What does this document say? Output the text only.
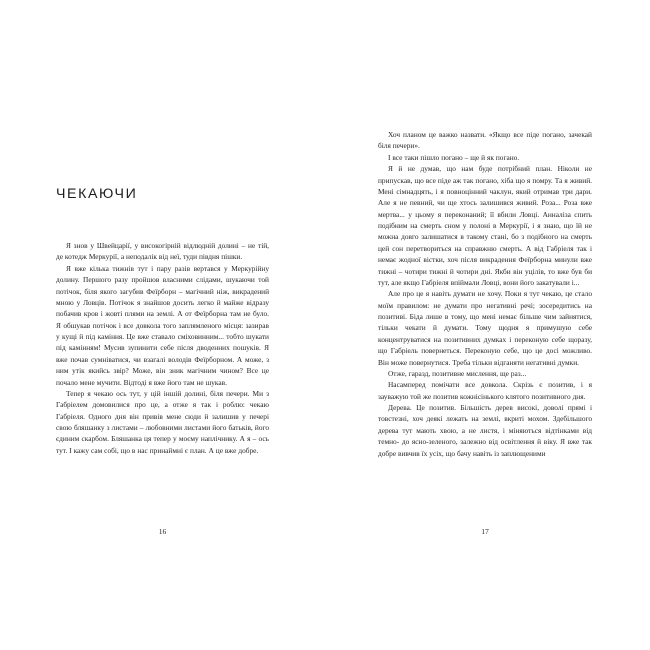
ЧЕКАЮЧИ

Я знов у Швейцарії, у високогірній відлюдній долині – не тій, де котедж Меркурії, а неподалік від неї, туди півдня пішки.

Я вже кілька тижнів тут і пару разів вертався у Меркурійну долину. Першого разу пройшов власними слідами, шукаючи той потічок, біля якого загубив Феїрборн – магічний ніж, викрадений мною у Ловців. Потічок я знайшов досить легко й майже відразу побачив кров і жовті плями на землі. А от Феїрборна там не було. Я обшукав потічок і все довкола того заплямленого місця: зазирав у кущі й під каміння. Це вже ставало сміховинним... тобто шукати під камінням! Мусив зупинити себе після дводенних пошуків. Я вже почав сумніватися, чи взагалі володів Феїрборном. А може, з ним утік якийсь звір? Може, він зник магічним чином? Все це почало мене мучити. Відтоді я вже його там не шукав.

Тепер я чекаю ось тут, у цій іншій долині, біля печери. Ми з Габріелем домовилися про це, а отже я так і роблю: чекаю Габріеля. Одного дня він привів мене сюди й залишив у печері свою бляшанку з листами – любовними листами його батьків, його єдиним скарбом. Бляшанка ця тепер у моєму наплічнику. А я – ось тут. І кажу сам собі, що в нас принаймні є план. А це вже добре.

16

Хоч планом це важко назвати. «Якщо все піде погано, зачекай біля печери».

І все таки пішло погано – ще й як погано.

Я й не думав, що нам буде потрібний план. Ніколи не припускав, що все піде аж так погано, хіба що я помру. Та я живий. Мені сімнадцять, і я повноцінний чаклун, який отримав три дари. Але я не певний, чи ще хтось залишився живий. Роза... Роза вже мертва... у цьому я переконаний; її вбили Ловці. Анналіза спить подібним на смерть сном у полоні в Меркурії, і я знаю, що їй не можна довго залишатися в такому стані, бо з подібного на смерть цей сон перетвориться на справжню смерть. А від Габріеля так і немає жодної вістки, хоч після викрадення Феїрборна минули вже тижні – чотири тижні й чотири дні. Якби він уцілів, то вже був би тут, але якщо Габріеля впіймали Ловці, вони його закатували і...

Але про це я навіть думати не хочу. Поки я тут чекаю, це стало моїм правилом: не думати про негативні речі; зосередитись на позитиві. Біда лише в тому, що мені немає більше чим зайнятися, тільки чекати й думати. Тому щодня я примушую себе концентруватися на позитивних думках і переконую себе щоразу, що Габріель повернеться. Переконую себе, що це досі можливо. Він може повернутися. Треба тільки відганяти негативні думки.

Отже, гаразд, позитивне мислення, ще раз...

Насамперед помічати все довкола. Скрізь є позитив, і я зауважую той же позитив кожнісінького клятого позитивного дня.

Дерева. Це позитив. Більшість дерев високі, доволі прямі і товстезні, хоч деякі лежать на землі, вкриті мохом. Здебільшого дерева тут мають хвою, а не листя, і міняються відтінками від темно- до ясно-зеленого, залежно від освітлення й віку. Я вже так добре вивчив їх усіх, що бачу навіть із заплющеними

17
